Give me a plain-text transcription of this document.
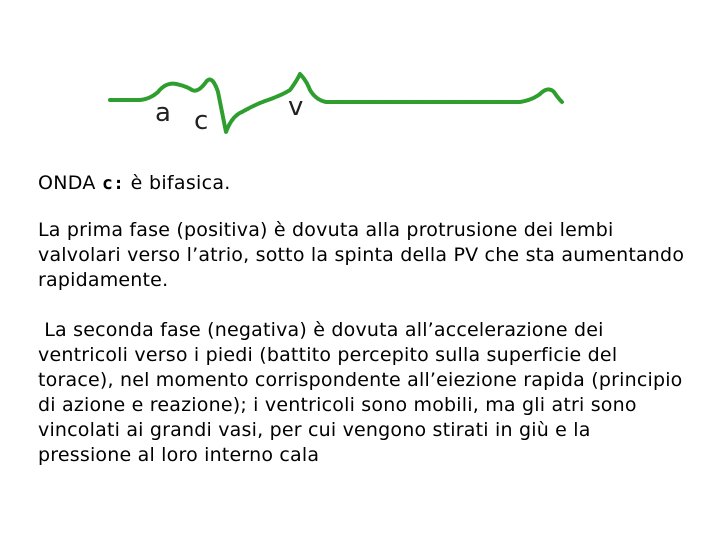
a c	v
ONDA c: è bifasica.

La prima fase (positiva) è dovuta alla protrusione dei lembi valvolari verso l’atrio, sotto la spinta della PV che sta aumentando rapidamente.

La seconda fase (negativa) è dovuta all’accelerazione dei ventricoli verso i piedi (battito percepito sulla superficie del torace), nel momento corrispondente all’eiezione rapida (principio di azione e reazione); i ventricoli sono mobili, ma gli atri sono vincolati ai grandi vasi, per cui vengono stirati in giù e la pressione al loro interno cala
